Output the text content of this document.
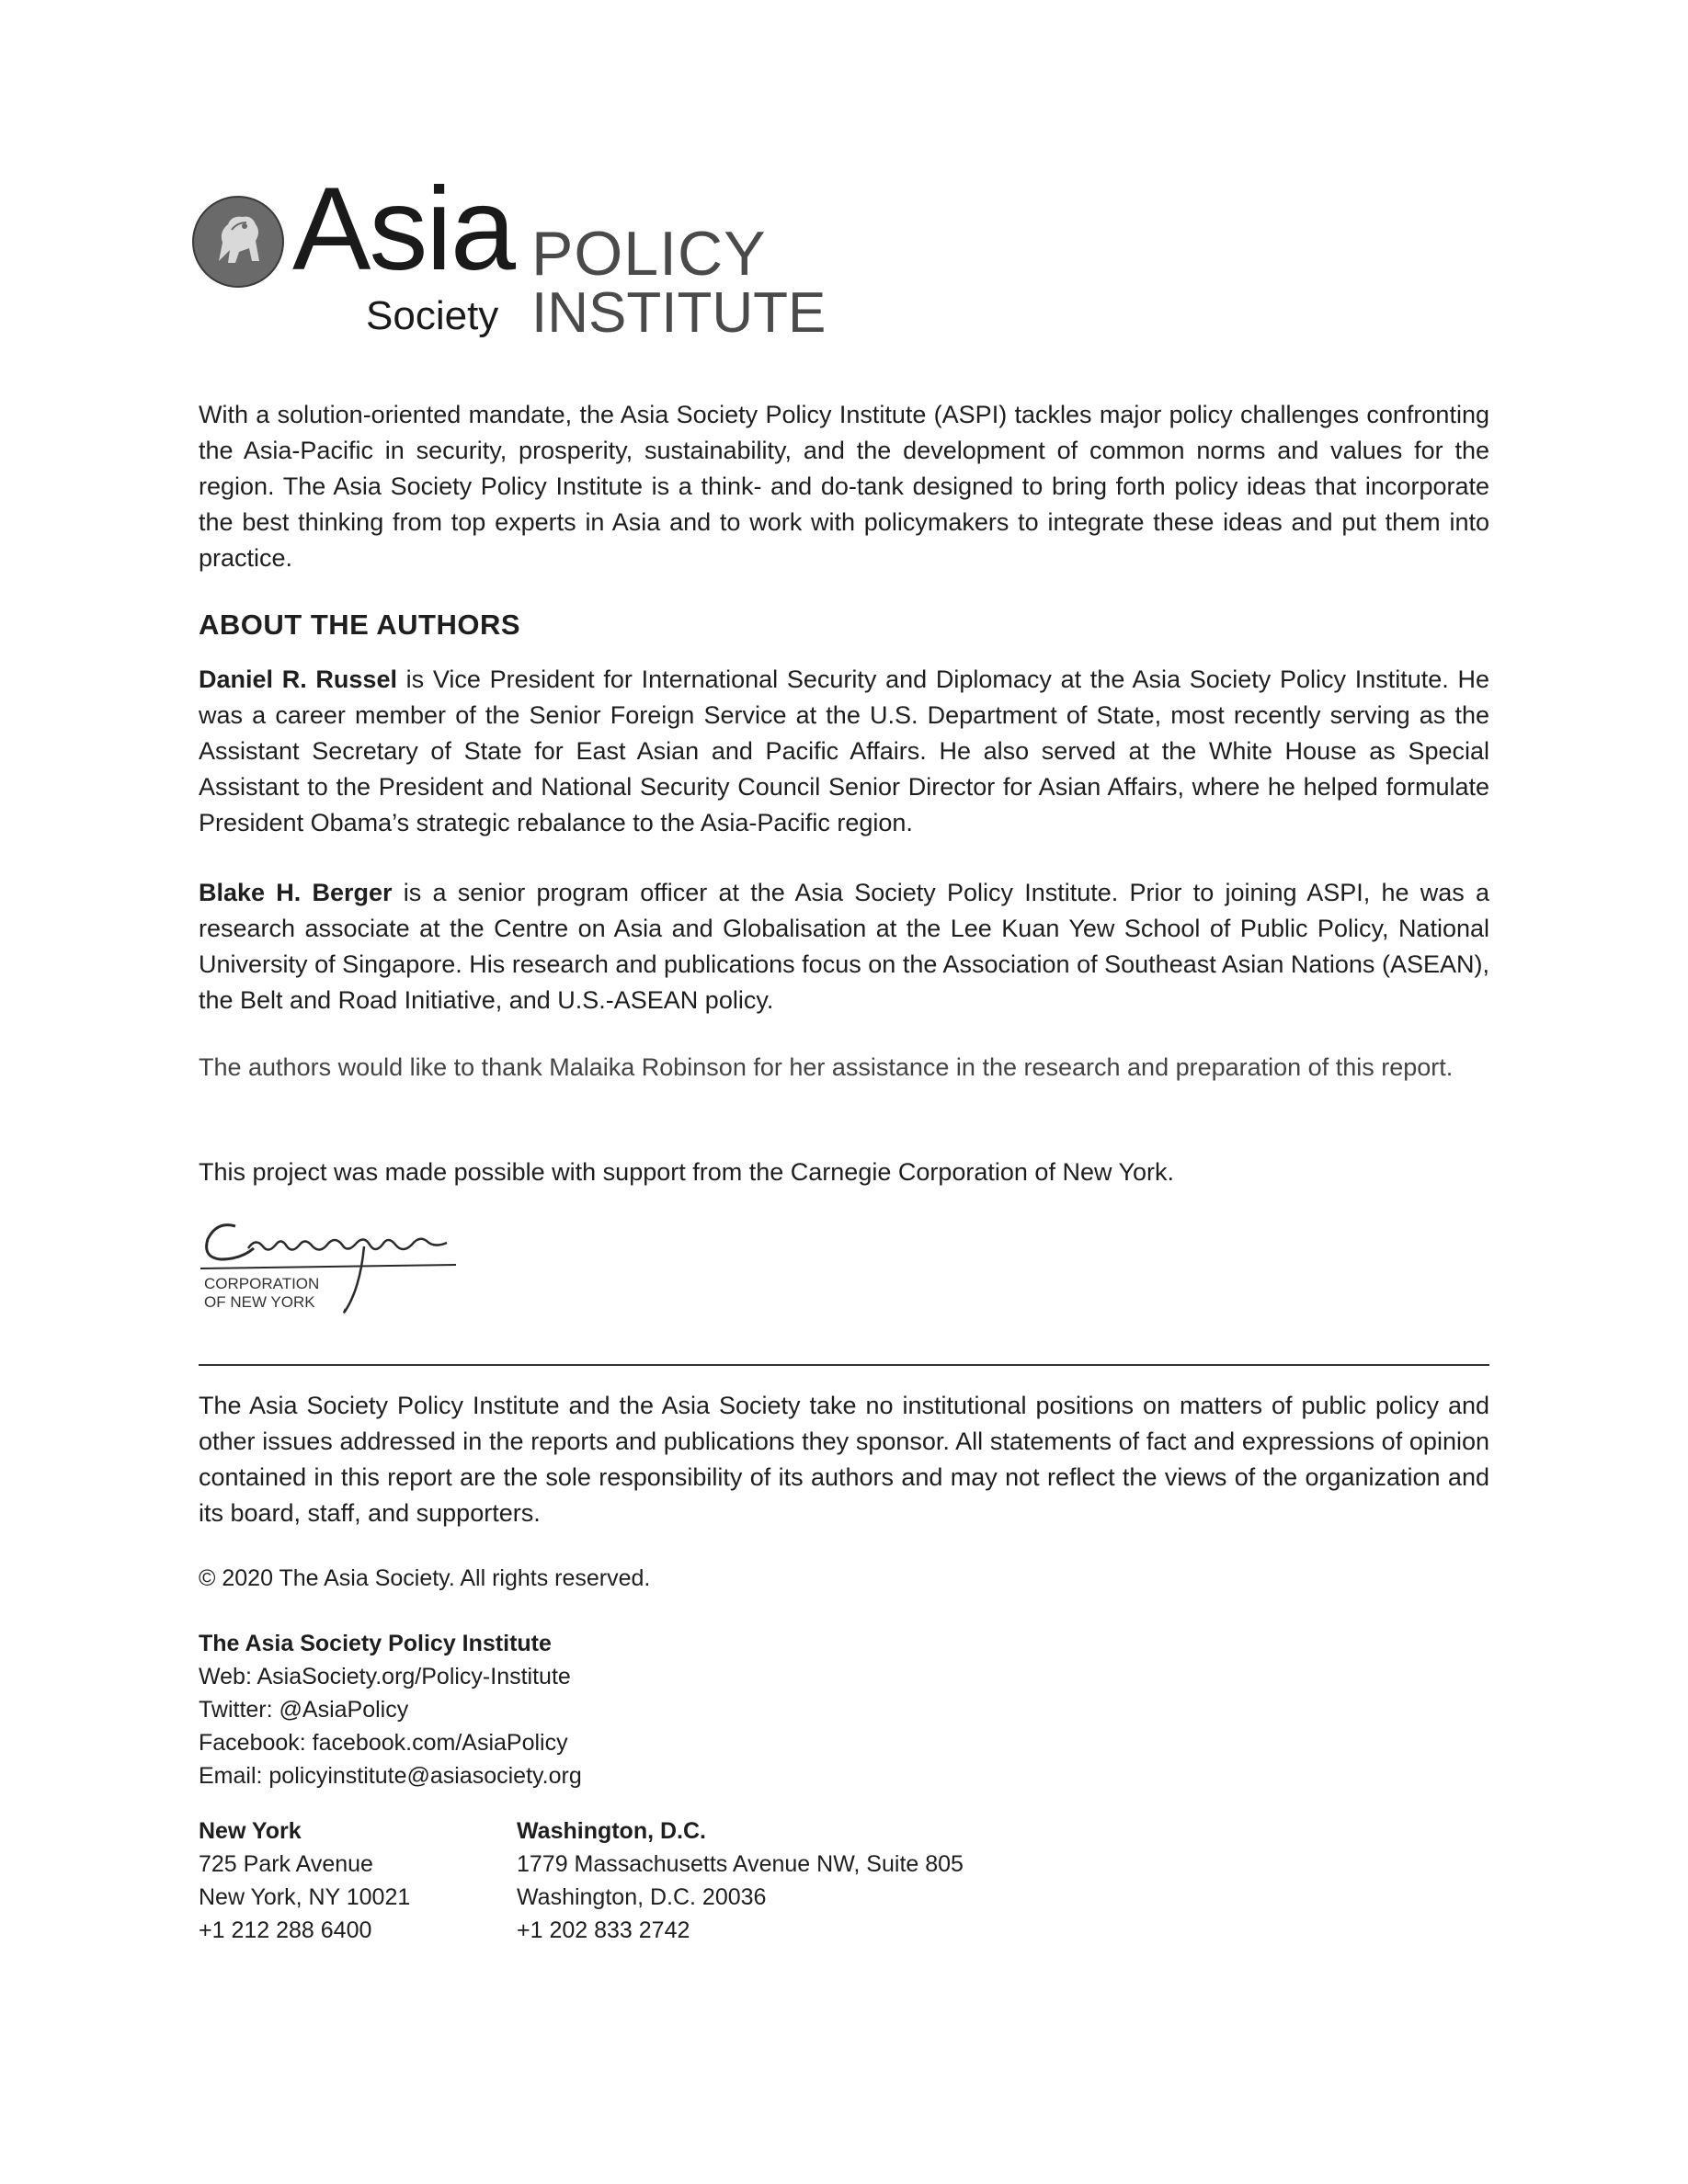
Asia
Society
POLICY
INSTITUTE

With a solution-oriented mandate, the Asia Society Policy Institute (ASPI) tackles major policy challenges confronting the Asia-Pacific in security, prosperity, sustainability, and the development of common norms and values for the region. The Asia Society Policy Institute is a think- and do-tank designed to bring forth policy ideas that incorporate the best thinking from top experts in Asia and to work with policymakers to integrate these ideas and put them into practice.

ABOUT THE AUTHORS

Daniel R. Russel is Vice President for International Security and Diplomacy at the Asia Society Policy Institute. He was a career member of the Senior Foreign Service at the U.S. Department of State, most recently serving as the Assistant Secretary of State for East Asian and Pacific Affairs. He also served at the White House as Special Assistant to the President and National Security Council Senior Director for Asian Affairs, where he helped formulate President Obama’s strategic rebalance to the Asia-Pacific region.

Blake H. Berger is a senior program officer at the Asia Society Policy Institute. Prior to joining ASPI, he was a research associate at the Centre on Asia and Globalisation at the Lee Kuan Yew School of Public Policy, National University of Singapore. His research and publications focus on the Association of Southeast Asian Nations (ASEAN), the Belt and Road Initiative, and U.S.-ASEAN policy.

The authors would like to thank Malaika Robinson for her assistance in the research and preparation of this report.

This project was made possible with support from the Carnegie Corporation of New York.

CORPORATION
OF NEW YORK

The Asia Society Policy Institute and the Asia Society take no institutional positions on matters of public policy and other issues addressed in the reports and publications they sponsor. All statements of fact and expressions of opinion contained in this report are the sole responsibility of its authors and may not reflect the views of the organization and its board, staff, and supporters.

© 2020 The Asia Society. All rights reserved.

The Asia Society Policy Institute
Web: AsiaSociety.org/Policy-Institute
Twitter: @AsiaPolicy
Facebook: facebook.com/AsiaPolicy
Email: policyinstitute@asiasociety.org
New York
725 Park Avenue
New York, NY 10021
+1 212 288 6400
Washington, D.C.
1779 Massachusetts Avenue NW, Suite 805
Washington, D.C. 20036
+1 202 833 2742
